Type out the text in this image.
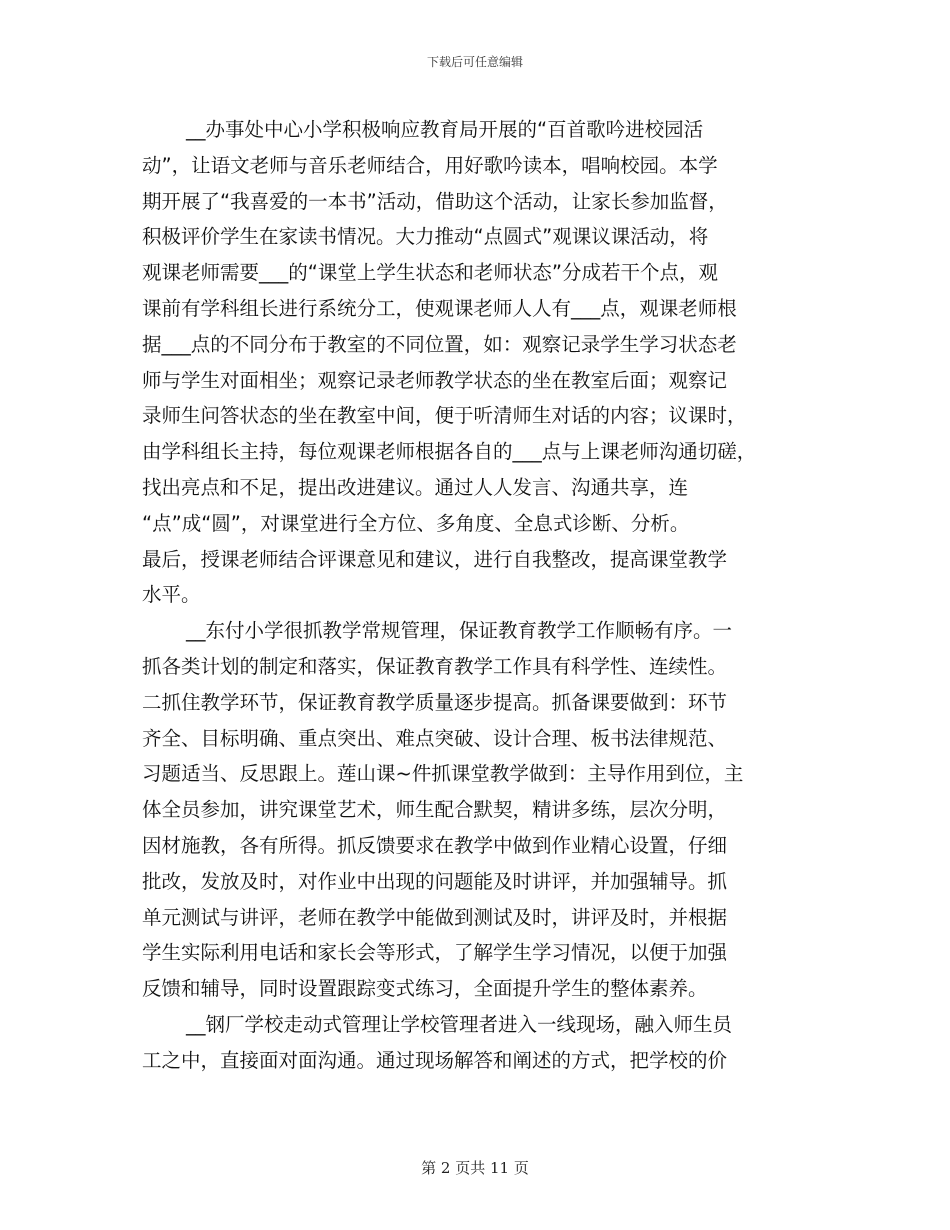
下载后可任意编辑
__办事处中心小学积极响应教育局开展的“百首歌吟进校园活
动”，让语文老师与音乐老师结合，用好歌吟读本，唱响校园。本学
期开展了“我喜爱的一本书”活动，借助这个活动，让家长参加监督，
积极评价学生在家读书情况。大力推动“点圆式”观课议课活动，将
观课老师需要___的“课堂上学生状态和老师状态”分成若干个点，观
课前有学科组长进行系统分工，使观课老师人人有___点，观课老师根
据___点的不同分布于教室的不同位置，如：观察记录学生学习状态老
师与学生对面相坐；观察记录老师教学状态的坐在教室后面；观察记
录师生问答状态的坐在教室中间，便于听清师生对话的内容；议课时，
由学科组长主持，每位观课老师根据各自的___点与上课老师沟通切磋，
找出亮点和不足，提出改进建议。通过人人发言、沟通共享，连
“点”成“圆”，对课堂进行全方位、多角度、全息式诊断、分析。
最后，授课老师结合评课意见和建议，进行自我整改，提高课堂教学
水平。
__东付小学很抓教学常规管理，保证教育教学工作顺畅有序。一
抓各类计划的制定和落实，保证教育教学工作具有科学性、连续性。
二抓住教学环节，保证教育教学质量逐步提高。抓备课要做到：环节
齐全、目标明确、重点突出、难点突破、设计合理、板书法律规范、
习题适当、反思跟上。莲山课~件抓课堂教学做到：主导作用到位，主
体全员参加，讲究课堂艺术，师生配合默契，精讲多练，层次分明，
因材施教，各有所得。抓反馈要求在教学中做到作业精心设置，仔细
批改，发放及时，对作业中出现的问题能及时讲评，并加强辅导。抓
单元测试与讲评，老师在教学中能做到测试及时，讲评及时，并根据
学生实际利用电话和家长会等形式，了解学生学习情况，以便于加强
反馈和辅导，同时设置跟踪变式练习，全面提升学生的整体素养。
__钢厂学校走动式管理让学校管理者进入一线现场，融入师生员
工之中，直接面对面沟通。通过现场解答和阐述的方式，把学校的价
第 2 页共 11 页
